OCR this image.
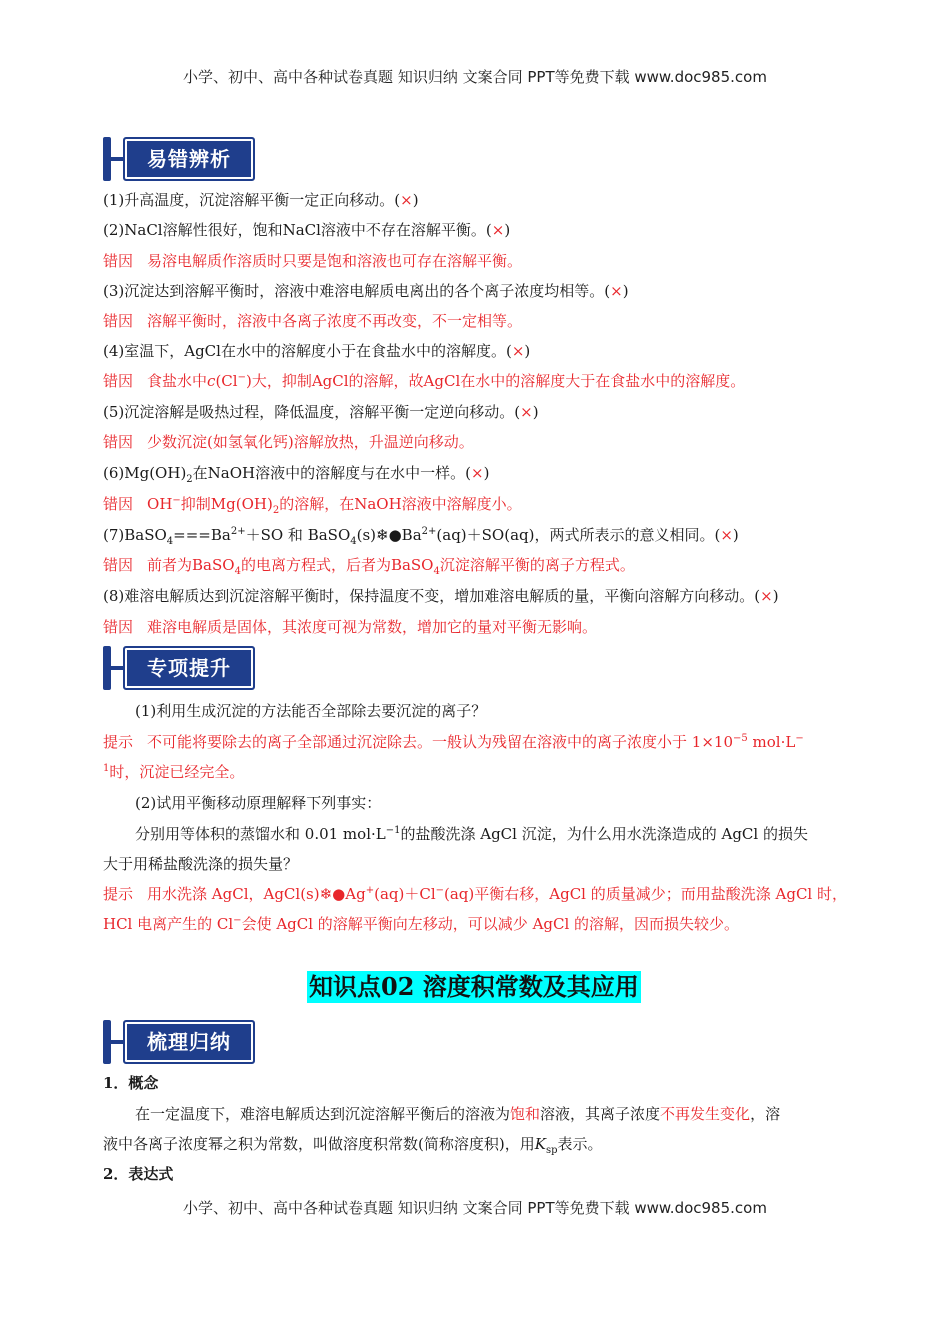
小学、初中、高中各种试卷真题 知识归纳 文案合同 PPT等免费下载 www.doc985.com
易错辨析
(1)升高温度，沉淀溶解平衡一定正向移动。(×)
(2)NaCl溶解性很好，饱和NaCl溶液中不存在溶解平衡。(×)
错因 易溶电解质作溶质时只要是饱和溶液也可存在溶解平衡。
(3)沉淀达到溶解平衡时，溶液中难溶电解质电离出的各个离子浓度均相等。(×)
错因 溶解平衡时，溶液中各离子浓度不再改变，不一定相等。
(4)室温下，AgCl在水中的溶解度小于在食盐水中的溶解度。(×)
错因 食盐水中c(Cl−)大，抑制AgCl的溶解，故AgCl在水中的溶解度大于在食盐水中的溶解度。
(5)沉淀溶解是吸热过程，降低温度，溶解平衡一定逆向移动。(×)
错因 少数沉淀(如氢氧化钙)溶解放热，升温逆向移动。
$(6)Mg(OH)_2$在NaOH溶液中的溶解度与在水中一样。(×)
错因 OH−抑制$Mg(OH)_2$的溶解，在NaOH溶液中溶解度小。
$(7)BaSO_4===Ba^{2+}+SO$ 和 $BaSO_4(s)❄●Ba^{2+}(aq)+SO(aq)$，两式所表示的意义相同。(×)
错因 前者为BaSO$_4$的电离方程式，后者为BaSO$_4$沉淀溶解平衡的离子方程式。
(8)难溶电解质达到沉淀溶解平衡时，保持温度不变，增加难溶电解质的量，平衡向溶解方向移动。(×)
错因 难溶电解质是固体，其浓度可视为常数，增加它的量对平衡无影响。
专项提升
(1)利用生成沉淀的方法能否全部除去要沉淀的离子？
提示 不可能将要除去的离子全部通过沉淀除去。一般认为残留在溶液中的离子浓度小于 $1\times 10^{-5}$ mol·L−
$^1$时，沉淀已经完全。
(2)试用平衡移动原理解释下列事实：
分别用等体积的蒸馏水和 0.01 $mol\cdot L^{-1}$的盐酸洗涤 AgCl 沉淀，为什么用水洗涤造成的 AgCl 的损失
大于用稀盐酸洗涤的损失量？
提示 用水洗涤 AgCl，AgCl(s)❄●Ag+(aq)＋Cl−(aq)平衡右移，AgCl 的质量减少；而用盐酸洗涤 AgCl 时，
HCl 电离产生的 Cl−会使 AgCl 的溶解平衡向左移动，可以减少 AgCl 的溶解，因而损失较少。
知识点02 溶度积常数及其应用
梳理归纳
1．概念
在一定温度下，难溶电解质达到沉淀溶解平衡后的溶液为饱和溶液，其离子浓度不再发生变化，溶
液中各离子浓度幂之积为常数，叫做溶度积常数(简称溶度积)，用$K_{sp}$表示。
2．表达式
小学、初中、高中各种试卷真题 知识归纳 文案合同 PPT等免费下载 www.doc985.com
